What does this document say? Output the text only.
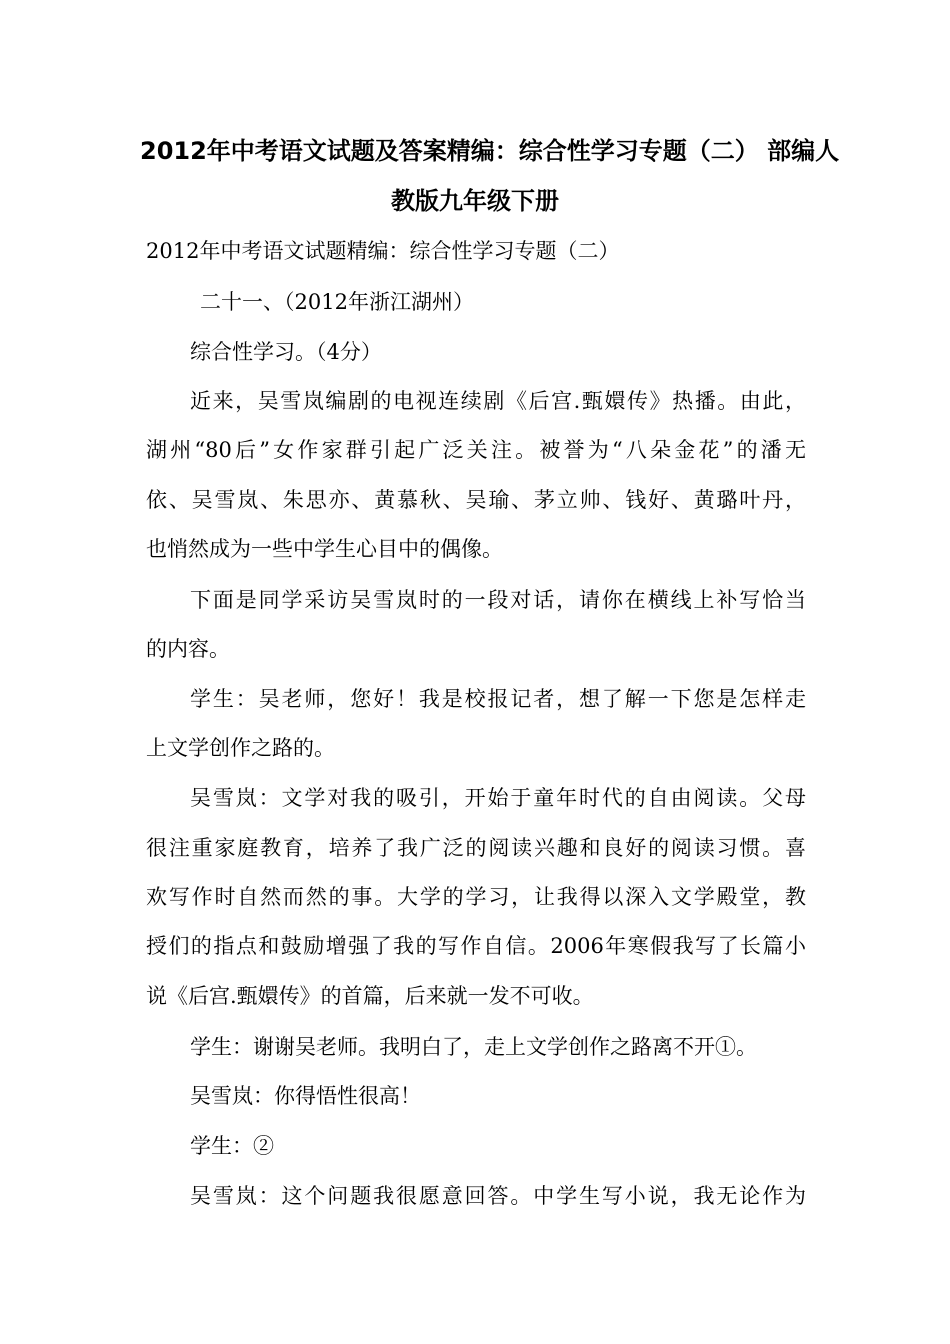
2012年中考语文试题及答案精编：综合性学习专题（二） 部编人
教版九年级下册
2012年中考语文试题精编：综合性学习专题（二）
二十一、（2012年浙江湖州）
综合性学习。（4分）
近来，吴雪岚编剧的电视连续剧《后宫.甄嬛传》热播。由此，
湖州“80后”女作家群引起广泛关注。被誉为“八朵金花”的潘无
依、吴雪岚、朱思亦、黄慕秋、吴瑜、茅立帅、钱好、黄璐叶丹，
也悄然成为一些中学生心目中的偶像。
下面是同学采访吴雪岚时的一段对话，请你在横线上补写恰当
的内容。
学生：吴老师，您好！我是校报记者，想了解一下您是怎样走
上文学创作之路的。
吴雪岚：文学对我的吸引，开始于童年时代的自由阅读。父母
很注重家庭教育，培养了我广泛的阅读兴趣和良好的阅读习惯。喜
欢写作时自然而然的事。大学的学习，让我得以深入文学殿堂，教
授们的指点和鼓励增强了我的写作自信。2006年寒假我写了长篇小
说《后宫.甄嬛传》的首篇，后来就一发不可收。
学生：谢谢吴老师。我明白了，走上文学创作之路离不开①。
吴雪岚：你得悟性很高！
学生：②
吴雪岚：这个问题我很愿意回答。中学生写小说，我无论作为
